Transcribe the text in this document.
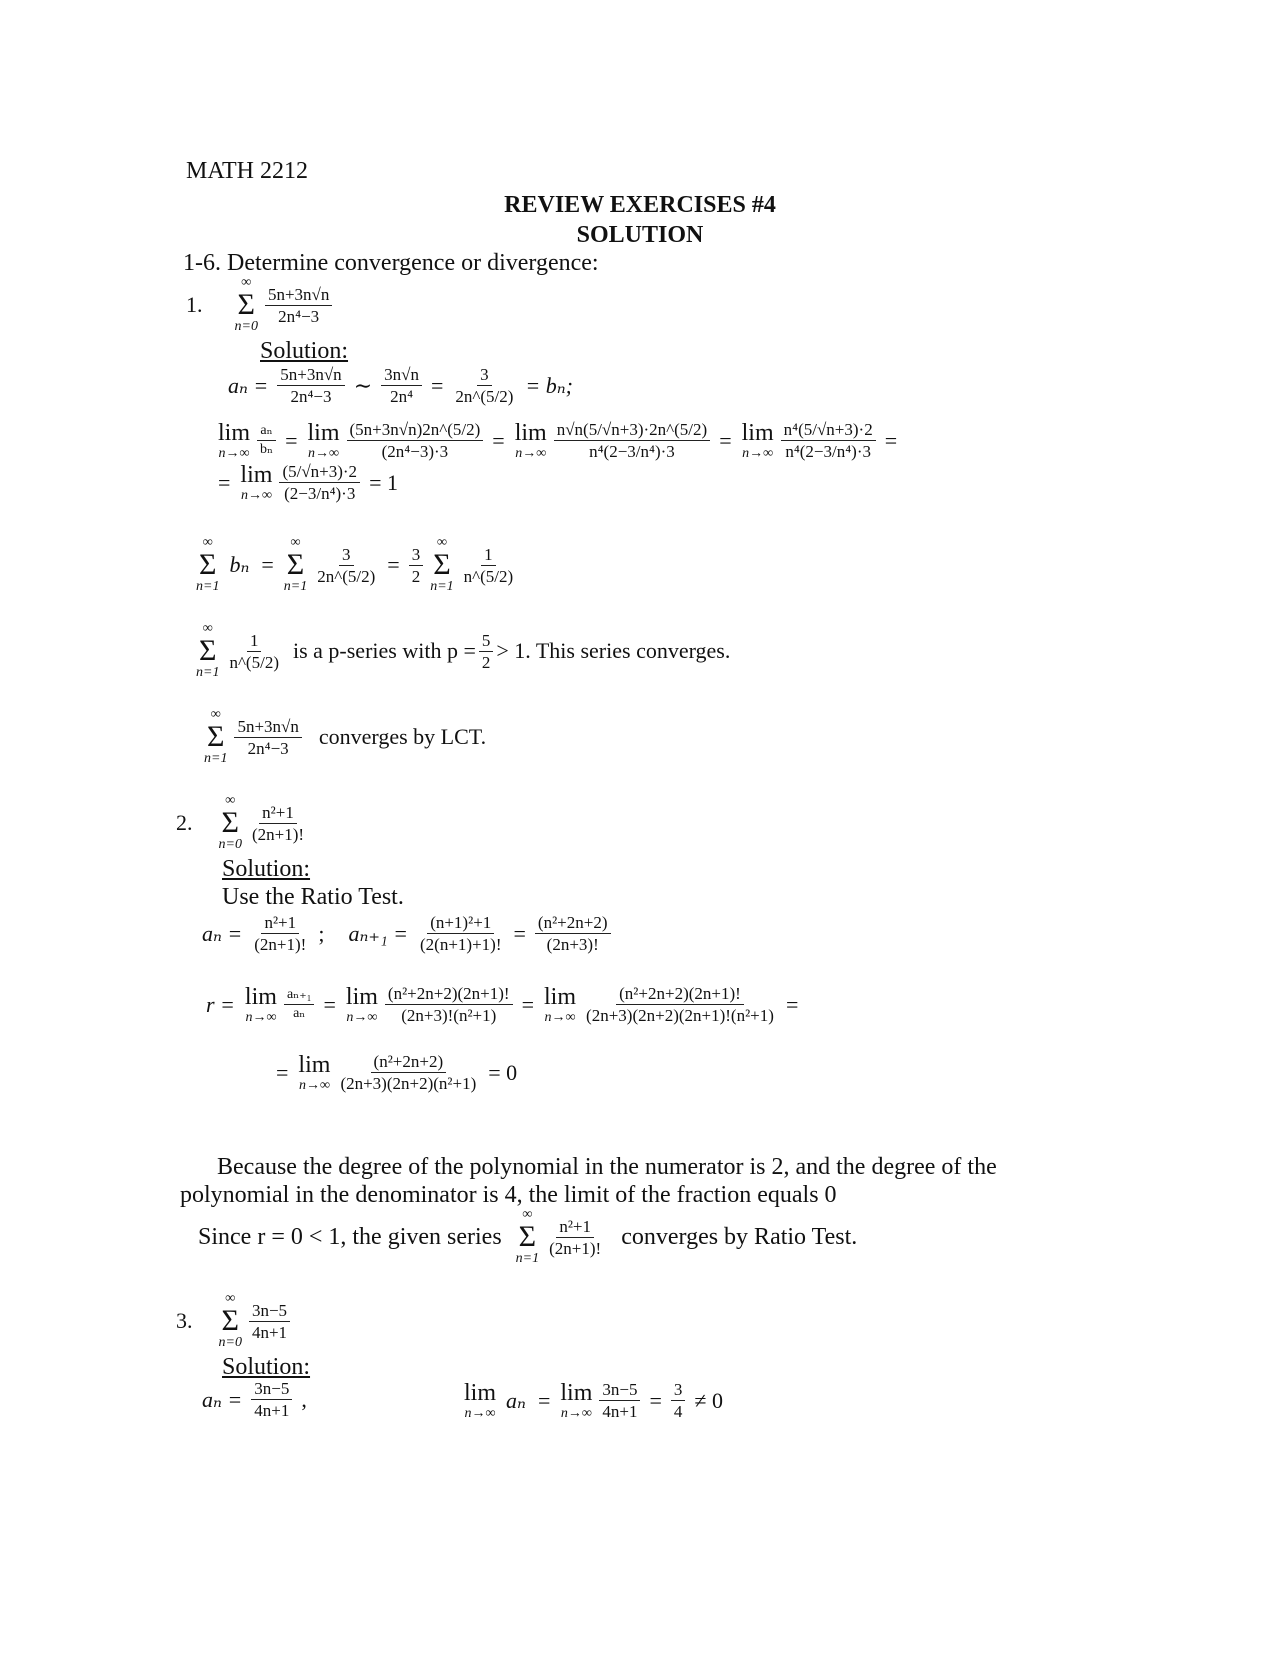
MATH 2212
REVIEW EXERCISES #4
SOLUTION
1-6. Determine convergence or divergence:
1.
∞
Σ
n=0
$\frac{5n+3n√n}{\text{2n⁴−3}}$
Solution:
$a_n = \frac{5n+3n√n}{\text{2n⁴−3}}$ ∼ $\frac{3n√n}{\text{2n⁴}} = \frac{3}{2n\^{}(5/2)} = b_n$;
lim
$n\to\infty \frac{\text{aₙ}}{\text{bₙ}} = \lim$
$n\to\infty \frac{(5n+3n√n)2n\^{}(5/2)}{\text{(2n⁴−3)·3}} = \lim$
$n\to\infty \frac{n√n(5/√n+3)\cdot 2n\^{}(5/2)}{\text{n⁴(2−3/n⁴)·3}} = \lim$
$n\to\infty \frac{\text{n⁴(5/√n+3)·2}}{\text{n⁴(2−3/n⁴)·3}}$ =
= lim
$n\to\infty \frac{(5/√n+3)\cdot 2}{\text{(2−3/n⁴)·3}} = 1$
∞
Σ
n=1
bₙ =
∞
Σ
n=1
$\frac{3}{2n\^{}(5/2)} = \frac{3}{2}$
∞
Σ
n=1
$\frac{1}{n\^{}(5/2)}$
∞
Σ
n=1
$\frac{1}{n\^{}(5/2)}$ is a p-series with $p = \frac{5}{2} > 1$. This series converges.
∞
Σ
n=1
$\frac{5n+3n√n}{\text{2n⁴−3}}$ converges by LCT.
2.
∞
Σ
n=0
$\frac{\text{n²+1}}{(2n+1)!}$
Solution:
Use the Ratio Test.
$a_n = \frac{\text{n²+1}}{(2n+1)!}$ ; $a_{n+1} = \frac{\text{(n+1)²+1}}{(2(n+1)+1)!} = \frac{\text{(n²+2n+2)}}{(2n+3)!}$
r = lim
$n\to\infty \frac{\text{aₙ₊₁}}{\text{aₙ}} = \lim$
$n\to\infty \frac{\text{(n²+2n+2)(2n+1)!}}{\text{(2n+3)!(n²+1)}} = \lim$
$n\to\infty \frac{\text{(n²+2n+2)(2n+1)!}}{\text{(2n+3)(2n+2)(2n+1)!(n²+1)}}$ =
= lim
$n\to\infty \frac{\text{(n²+2n+2)}}{\text{(2n+3)(2n+2)(n²+1)}} = 0$
Because the degree of the polynomial in the numerator is 2, and the degree of the
polynomial in the denominator is 4, the limit of the fraction equals 0
Since r = 0 < 1, the given series
∞
Σ
n=1
$\frac{\text{n²+1}}{(2n+1)!}$ converges by Ratio Test.
3.
∞
Σ
n=0
$\frac{3n-5}{4n+1}$
Solution:
$a_n = \frac{3n-5}{4n+1}$ ,	lim
n→∞
aₙ = lim
$n\to\infty \frac{3n-5}{4n+1} = \frac{3}{4} \ne 0$
